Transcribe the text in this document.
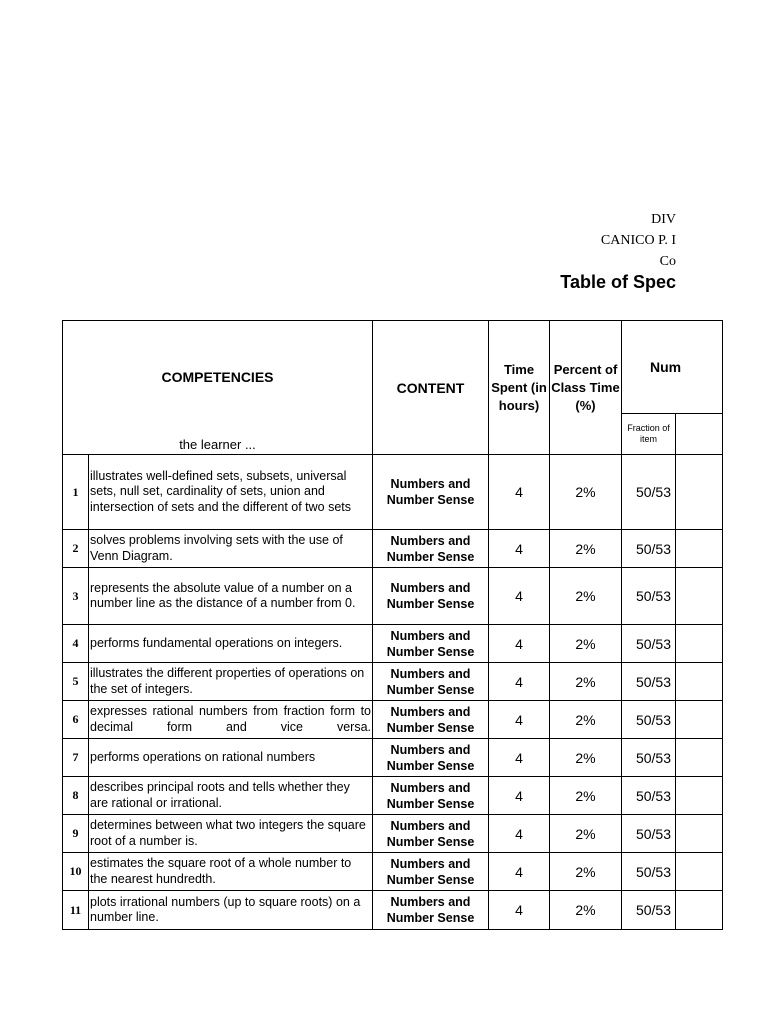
DIV
CANICO P. I
Co
Table of Spec
COMPETENCIES
the learner ...		CONTENT	Time Spent (in hours)	Percent of Class Time (%)	Num	
					Fraction of item	
1	illustrates well-defined sets, subsets, universal sets, null set, cardinality of sets, union and intersection of sets and the different of two sets	Numbers and Number Sense	4	2%	50/53	
2	solves problems involving sets with the use of Venn Diagram.	Numbers and Number Sense	4	2%	50/53	
3	represents the absolute value of a number on a number line as the distance of a number from 0.	Numbers and Number Sense	4	2%	50/53	
4	performs fundamental operations on integers.	Numbers and Number Sense	4	2%	50/53	
5	illustrates the different properties of operations on the set of integers.	Numbers and Number Sense	4	2%	50/53	
6	expresses rational numbers from fraction form to decimal form and vice versa.	Numbers and Number Sense	4	2%	50/53	
7	performs operations on rational numbers	Numbers and Number Sense	4	2%	50/53	
8	describes principal roots and tells whether they are rational or irrational.	Numbers and Number Sense	4	2%	50/53	
9	determines between what two integers the square root of a number is.	Numbers and Number Sense	4	2%	50/53	
10	estimates the square root of a whole number to the nearest hundredth.	Numbers and Number Sense	4	2%	50/53	
11	plots irrational numbers (up to square roots) on a number line.	Numbers and Number Sense	4	2%	50/53	
